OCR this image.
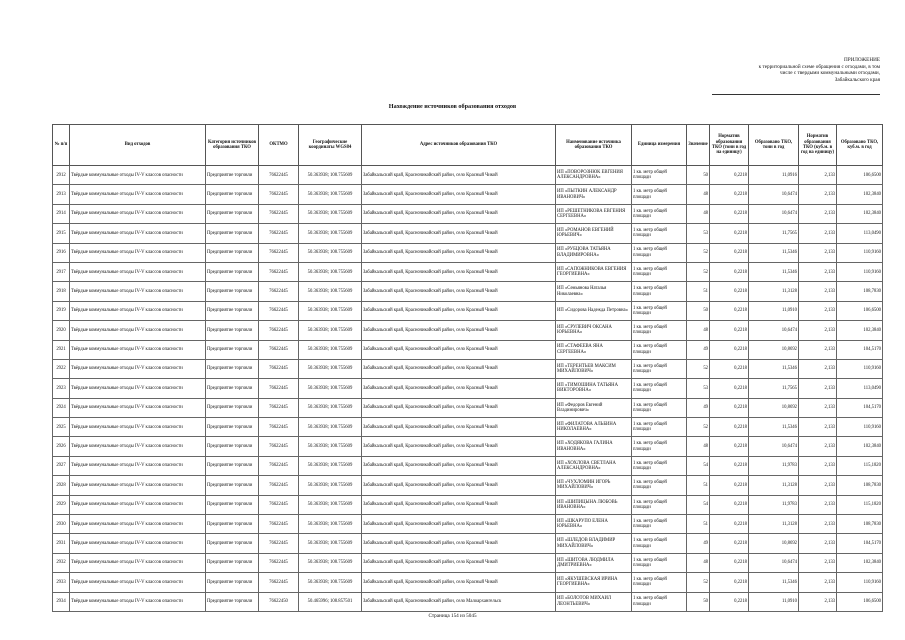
ПРИЛОЖЕНИЕ
к территориальной схеме обращения с отходами, в том
числе с твердыми коммунальными отходами,
Забайкальского края
Нахождение источников образования отходов
№ п/п	Вид отходов	Категория источников образования ТКО	ОКТМО	Географические координаты WGS84	Адрес источников образования ТКО	Наименование источника образования ТКО	Единица измерения	Значение	Норматив образования ТКО (тонн в год на единицу)	Образовано ТКО, тонн в год	Норматив образования ТКО (куб.м. в год на единицу)	Образовано ТКО, куб.м. в год
2912	Твёрдые коммунальные отходы IV-V классов опасности	Предприятие торговли	76622445	50.363938; 108.755609	Забайкальский край, Красночикойский район, село Красный Чикой	ИП «ПОВОРОЗНЮК ЕВГЕНИЯ АЛЕКСАНДРОВНА»	1 кв. метр общей площади	50	0,2218	11,0916	2,133	106,6500
2913	Твёрдые коммунальные отходы IV-V классов опасности	Предприятие торговли	76622445	50.363938; 108.755609	Забайкальский край, Красночикойский район, село Красный Чикой	ИП «ПЫТКИН АЛЕКСАНДР ИВАНОВИЧ»	1 кв. метр общей площади	48	0,2218	10,6474	2,133	102,3840
2914	Твёрдые коммунальные отходы IV-V классов опасности	Предприятие торговли	76622445	50.363938; 108.755609	Забайкальский край, Красночикойский район, село Красный Чикой	ИП «РЕШЕТНИКОВА ЕВГЕНИЯ СЕРГЕЕВНА»	1 кв. метр общей площади	48	0,2218	10,6474	2,133	102,3840
2915	Твёрдые коммунальные отходы IV-V классов опасности	Предприятие торговли	76622445	50.363938; 108.755609	Забайкальский край, Красночикойский район, село Красный Чикой	ИП «РОМАНОВ ЕВГЕНИЙ ЮРЬЕВИЧ»	1 кв. метр общей площади	53	0,2218	11,7565	2,133	113,0490
2916	Твёрдые коммунальные отходы IV-V классов опасности	Предприятие торговли	76622445	50.363938; 108.755609	Забайкальский край, Красночикойский район, село Красный Чикой	ИП «РУБЦОВА ТАТЬЯНА ВЛАДИМИРОВНА»	1 кв. метр общей площади	52	0,2218	11,5346	2,133	110,9160
2917	Твёрдые коммунальные отходы IV-V классов опасности	Предприятие торговли	76622445	50.363938; 108.755609	Забайкальский край, Красночикойский район, село Красный Чикой	ИП «САПОЖНИКОВА ЕВГЕНИЯ ГЕОРГИЕВНА»	1 кв. метр общей площади	52	0,2218	11,5346	2,133	110,9160
2918	Твёрдые коммунальные отходы IV-V классов опасности	Предприятие торговли	76622445	50.363938; 108.755609	Забайкальский край, Красночикойский район, село Красный Чикой	ИП «Семьянова Наталья Николаевна»	1 кв. метр общей площади	51	0,2218	11,3128	2,133	108,7830
2919	Твёрдые коммунальные отходы IV-V классов опасности	Предприятие торговли	76622445	50.363938; 108.755609	Забайкальский край, Красночикойский район, село Красный Чикой	ИП «Сидорова Надежда Петровна»	1 кв. метр общей площади	50	0,2218	11,0910	2,133	106,6500
2920	Твёрдые коммунальные отходы IV-V классов опасности	Предприятие торговли	76622445	50.363938; 108.755609	Забайкальский край, Красночикойский район, село Красный Чикой	ИП «СРУЛЕВИЧ ОКСАНА ЮРЬЕВНА»	1 кв. метр общей площади	48	0,2218	10,6474	2,133	102,3840
2921	Твёрдые коммунальные отходы IV-V классов опасности	Предприятие торговли	76622445	50.363938; 108.755609	Забайкальский край, Красночикойский район, село Красный Чикой	ИП «СТАФЕЕВА ЯНА СЕРГЕЕВНА»	1 кв. метр общей площади	49	0,2218	10,8692	2,133	104,5170
2922	Твёрдые коммунальные отходы IV-V классов опасности	Предприятие торговли	76622445	50.363938; 108.755609	Забайкальский край, Красночикойский район, село Красный Чикой	ИП «ТЕРЕНТЬЕВ МАКСИМ МИХАЙЛОВИЧ»	1 кв. метр общей площади	52	0,2218	11,5346	2,133	110,9160
2923	Твёрдые коммунальные отходы IV-V классов опасности	Предприятие торговли	76622445	50.363938; 108.755609	Забайкальский край, Красночикойский район, село Красный Чикой	ИП «ТИМОШИНА ТАТЬЯНА ВИКТОРОВНА»	1 кв. метр общей площади	53	0,2218	11,7565	2,133	113,0490
2924	Твёрдые коммунальные отходы IV-V классов опасности	Предприятие торговли	76622445	50.363938; 108.755609	Забайкальский край, Красночикойский район, село Красный Чикой	ИП «Федоров Евгений Владимирович»	1 кв. метр общей площади	49	0,2218	10,8692	2,133	104,5170
2925	Твёрдые коммунальные отходы IV-V классов опасности	Предприятие торговли	76622445	50.363938; 108.755609	Забайкальский край, Красночикойский район, село Красный Чикой	ИП «ФИЛАТОВА АЛЬБИНА НИКОЛАЕВНА»	1 кв. метр общей площади	52	0,2218	11,5346	2,133	110,9160
2926	Твёрдые коммунальные отходы IV-V классов опасности	Предприятие торговли	76622445	50.363938; 108.755609	Забайкальский край, Красночикойский район, село Красный Чикой	ИП «ХОДЯКОВА ГАЛИНА ИВАНОВНА»	1 кв. метр общей площади	48	0,2218	10,6474	2,133	102,3840
2927	Твёрдые коммунальные отходы IV-V классов опасности	Предприятие торговли	76622445	50.363938; 108.755609	Забайкальский край, Красночикойский район, село Красный Чикой	ИП «ХОХЛОВА СВЕТЛАНА АЛЕКСАНДРОВНА»	1 кв. метр общей площади	54	0,2218	11,9783	2,133	115,1820
2928	Твёрдые коммунальные отходы IV-V классов опасности	Предприятие торговли	76622445	50.363938; 108.755609	Забайкальский край, Красночикойский район, село Красный Чикой	ИП «ЧУХЛОМИН ИГОРЬ МИХАЙЛОВИЧ»	1 кв. метр общей площади	51	0,2218	11,3128	2,133	108,7830
2929	Твёрдые коммунальные отходы IV-V классов опасности	Предприятие торговли	76622445	50.363938; 108.755609	Забайкальский край, Красночикойский район, село Красный Чикой	ИП «ШИПИЦЫНА ЛЮБОВЬ ИВАНОВНА»	1 кв. метр общей площади	54	0,2218	11,9783	2,133	115,1820
2930	Твёрдые коммунальные отходы IV-V классов опасности	Предприятие торговли	76622445	50.363938; 108.755609	Забайкальский край, Красночикойский район, село Красный Чикой	ИП «ШКАРУПО ЕЛЕНА ЮРЬЕВНА»	1 кв. метр общей площади	51	0,2218	11,3128	2,133	108,7830
2931	Твёрдые коммунальные отходы IV-V классов опасности	Предприятие торговли	76622445	50.363938; 108.755609	Забайкальский край, Красночикойский район, село Красный Чикой	ИП «ШЛЕДОВ ВЛАДИМИР МИХАЙЛОВИЧ»	1 кв. метр общей площади	49	0,2218	10,8692	2,133	104,5170
2932	Твёрдые коммунальные отходы IV-V классов опасности	Предприятие торговли	76622445	50.363938; 108.755609	Забайкальский край, Красночикойский район, село Красный Чикой	ИП «ШИТОВА ЛЮДМИЛА ДМИТРИЕВНА»	1 кв. метр общей площади	48	0,2218	10,6474	2,133	102,3840
2933	Твёрдые коммунальные отходы IV-V классов опасности	Предприятие торговли	76622445	50.363938; 108.755609	Забайкальский край, Красночикойский район, село Красный Чикой	ИП «ЯКУШЕВСКАЯ ИРИНА ГЕОРГИЕВНА»	1 кв. метр общей площади	52	0,2218	11,5346	2,133	110,9160
2934	Твёрдые коммунальные отходы IV-V классов опасности	Предприятие торговли	76622450	50.465996; 108.857501	Забайкальский край, Красночикойский район, село Малоархангельск	ИП «БОЛОТОВ МИХАИЛ ЛЕОНТЬЕВИЧ»	1 кв. метр общей площади	50	0,2218	11,0910	2,133	106,6500
Страница 154 из 5045
